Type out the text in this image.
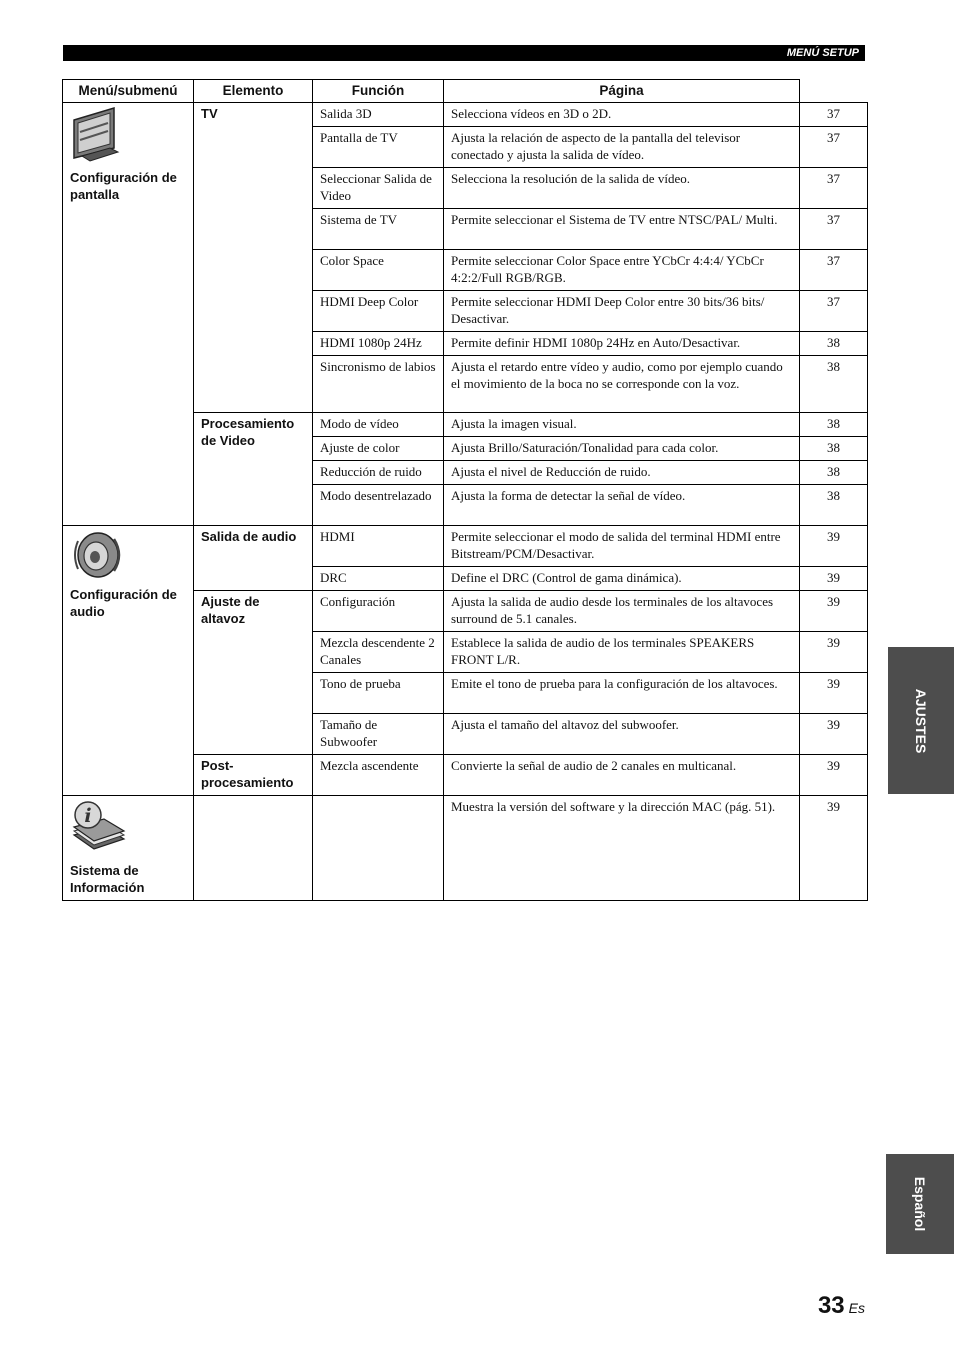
MENÚ SETUP
Menú/submenú	Elemento	Función	Página	

Configuración de pantalla	TV	Salida 3D	Selecciona vídeos en 3D o 2D.	37
		Pantalla de TV	Ajusta la relación de aspecto de la pantalla del televisor conectado y ajusta la salida de vídeo.	37
		Seleccionar Salida de Video	Selecciona la resolución de la salida de vídeo.	37
		Sistema de TV	Permite seleccionar el Sistema de TV entre NTSC/PAL/ Multi.	37
		Color Space	Permite seleccionar Color Space entre YCbCr 4:4:4/ YCbCr 4:2:2/Full RGB/RGB.	37
		HDMI Deep Color	Permite seleccionar HDMI Deep Color entre 30 bits/36 bits/ Desactivar.	37
		HDMI 1080p 24Hz	Permite definir HDMI 1080p 24Hz en Auto/Desactivar.	38
		Sincronismo de labios	Ajusta el retardo entre vídeo y audio, como por ejemplo cuando el movimiento de la boca no se corresponde con la voz.	38
	Procesamiento de Video	Modo de vídeo	Ajusta la imagen visual.	38
		Ajuste de color	Ajusta Brillo/Saturación/Tonalidad para cada color.	38
		Reducción de ruido	Ajusta el nivel de Reducción de ruido.	38
		Modo desentrelazado	Ajusta la forma de detectar la señal de vídeo.	38

Configuración de audio	Salida de audio	HDMI	Permite seleccionar el modo de salida del terminal HDMI entre Bitstream/PCM/Desactivar.	39
		DRC	Define el DRC (Control de gama dinámica).	39
	Ajuste de altavoz	Configuración	Ajusta la salida de audio desde los terminales de los altavoces surround de 5.1 canales.	39
		Mezcla descendente 2 Canales	Establece la salida de audio de los terminales SPEAKERS FRONT L/R.	39
		Tono de prueba	Emite el tono de prueba para la configuración de los altavoces.	39
		Tamaño de Subwoofer	Ajusta el tamaño del altavoz del subwoofer.	39
	Post-procesamiento	Mezcla ascendente	Convierte la señal de audio de 2 canales en multicanal.	39

i
Sistema de Información			Muestra la versión del software y la dirección MAC (pág. 51).	39
AJUSTES
Español
33 Es
